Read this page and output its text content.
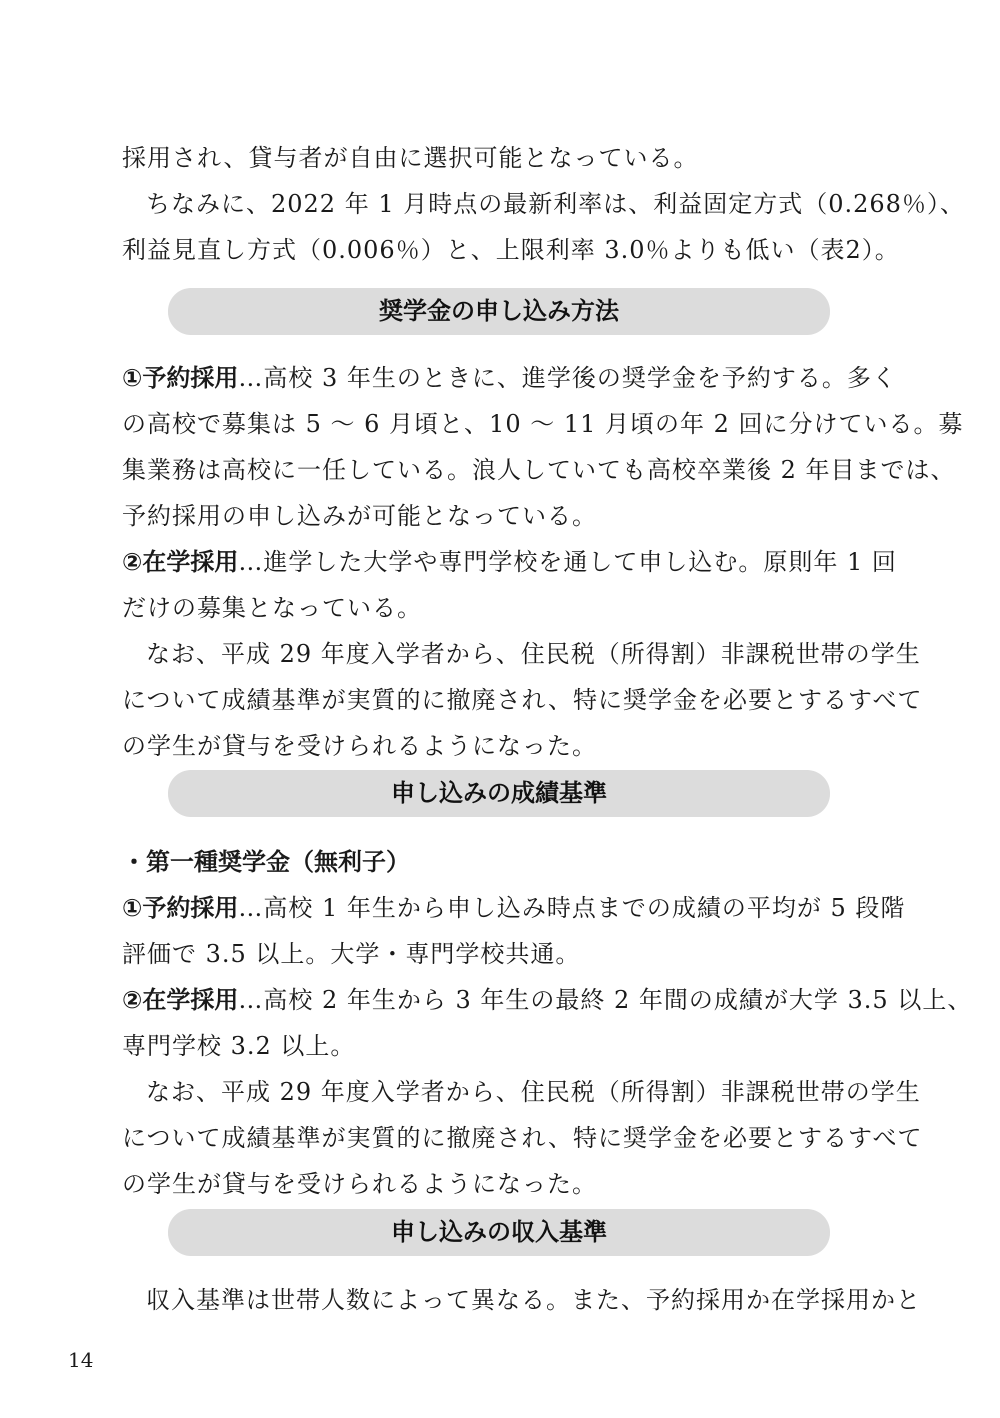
採用され、貸与者が自由に選択可能となっている。
ちなみに、2022 年 1 月時点の最新利率は、利益固定方式（0.268％）、
利益見直し方式（0.006％）と、上限利率 3.0％よりも低い（表2）。
奨学金の申し込み方法
①予約採用…高校 3 年生のときに、進学後の奨学金を予約する。多く
の高校で募集は 5 ～ 6 月頃と、10 ～ 11 月頃の年 2 回に分けている。募
集業務は高校に一任している。浪人していても高校卒業後 2 年目までは、
予約採用の申し込みが可能となっている。
②在学採用…進学した大学や専門学校を通して申し込む。原則年 1 回
だけの募集となっている。
なお、平成 29 年度入学者から、住民税（所得割）非課税世帯の学生
について成績基準が実質的に撤廃され、特に奨学金を必要とするすべて
の学生が貸与を受けられるようになった。
申し込みの成績基準
・第一種奨学金（無利子）
①予約採用…高校 1 年生から申し込み時点までの成績の平均が 5 段階
評価で 3.5 以上。大学・専門学校共通。
②在学採用…高校 2 年生から 3 年生の最終 2 年間の成績が大学 3.5 以上、
専門学校 3.2 以上。
なお、平成 29 年度入学者から、住民税（所得割）非課税世帯の学生
について成績基準が実質的に撤廃され、特に奨学金を必要とするすべて
の学生が貸与を受けられるようになった。
申し込みの収入基準
収入基準は世帯人数によって異なる。また、予約採用か在学採用かと
14
